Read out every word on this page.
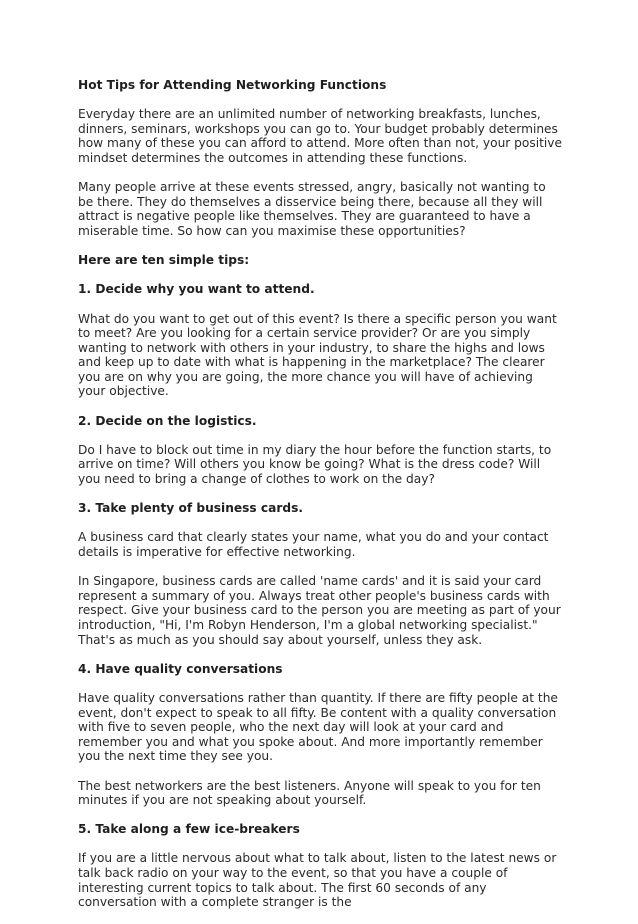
Hot Tips for Attending Networking Functions

Everyday there are an unlimited number of networking breakfasts, lunches, dinners, seminars, workshops you can go to. Your budget probably determines how many of these you can afford to attend. More often than not, your positive mindset determines the outcomes in attending these functions.

Many people arrive at these events stressed, angry, basically not wanting to be there. They do themselves a disservice being there, because all they will attract is negative people like themselves. They are guaranteed to have a miserable time. So how can you maximise these opportunities?

Here are ten simple tips:
1. Decide why you want to attend.

What do you want to get out of this event? Is there a specific person you want to meet? Are you looking for a certain service provider? Or are you simply wanting to network with others in your industry, to share the highs and lows and keep up to date with what is happening in the marketplace? The clearer you are on why you are going, the more chance you will have of achieving your objective.

2. Decide on the logistics.

Do I have to block out time in my diary the hour before the function starts, to arrive on time? Will others you know be going? What is the dress code? Will you need to bring a change of clothes to work on the day?

3. Take plenty of business cards.

A business card that clearly states your name, what you do and your contact details is imperative for effective networking.

In Singapore, business cards are called 'name cards' and it is said your card represent a summary of you. Always treat other people's business cards with respect. Give your business card to the person you are meeting as part of your introduction, "Hi, I'm Robyn Henderson, I'm a global networking specialist." That's as much as you should say about yourself, unless they ask.

4. Have quality conversations

Have quality conversations rather than quantity. If there are fifty people at the event, don't expect to speak to all fifty. Be content with a quality conversation with five to seven people, who the next day will look at your card and remember you and what you spoke about. And more importantly remember you the next time they see you.

The best networkers are the best listeners. Anyone will speak to you for ten minutes if you are not speaking about yourself.

5. Take along a few ice-breakers

If you are a little nervous about what to talk about, listen to the latest news or talk back radio on your way to the event, so that you have a couple of interesting current topics to talk about. The first 60 seconds of any conversation with a complete stranger is the
